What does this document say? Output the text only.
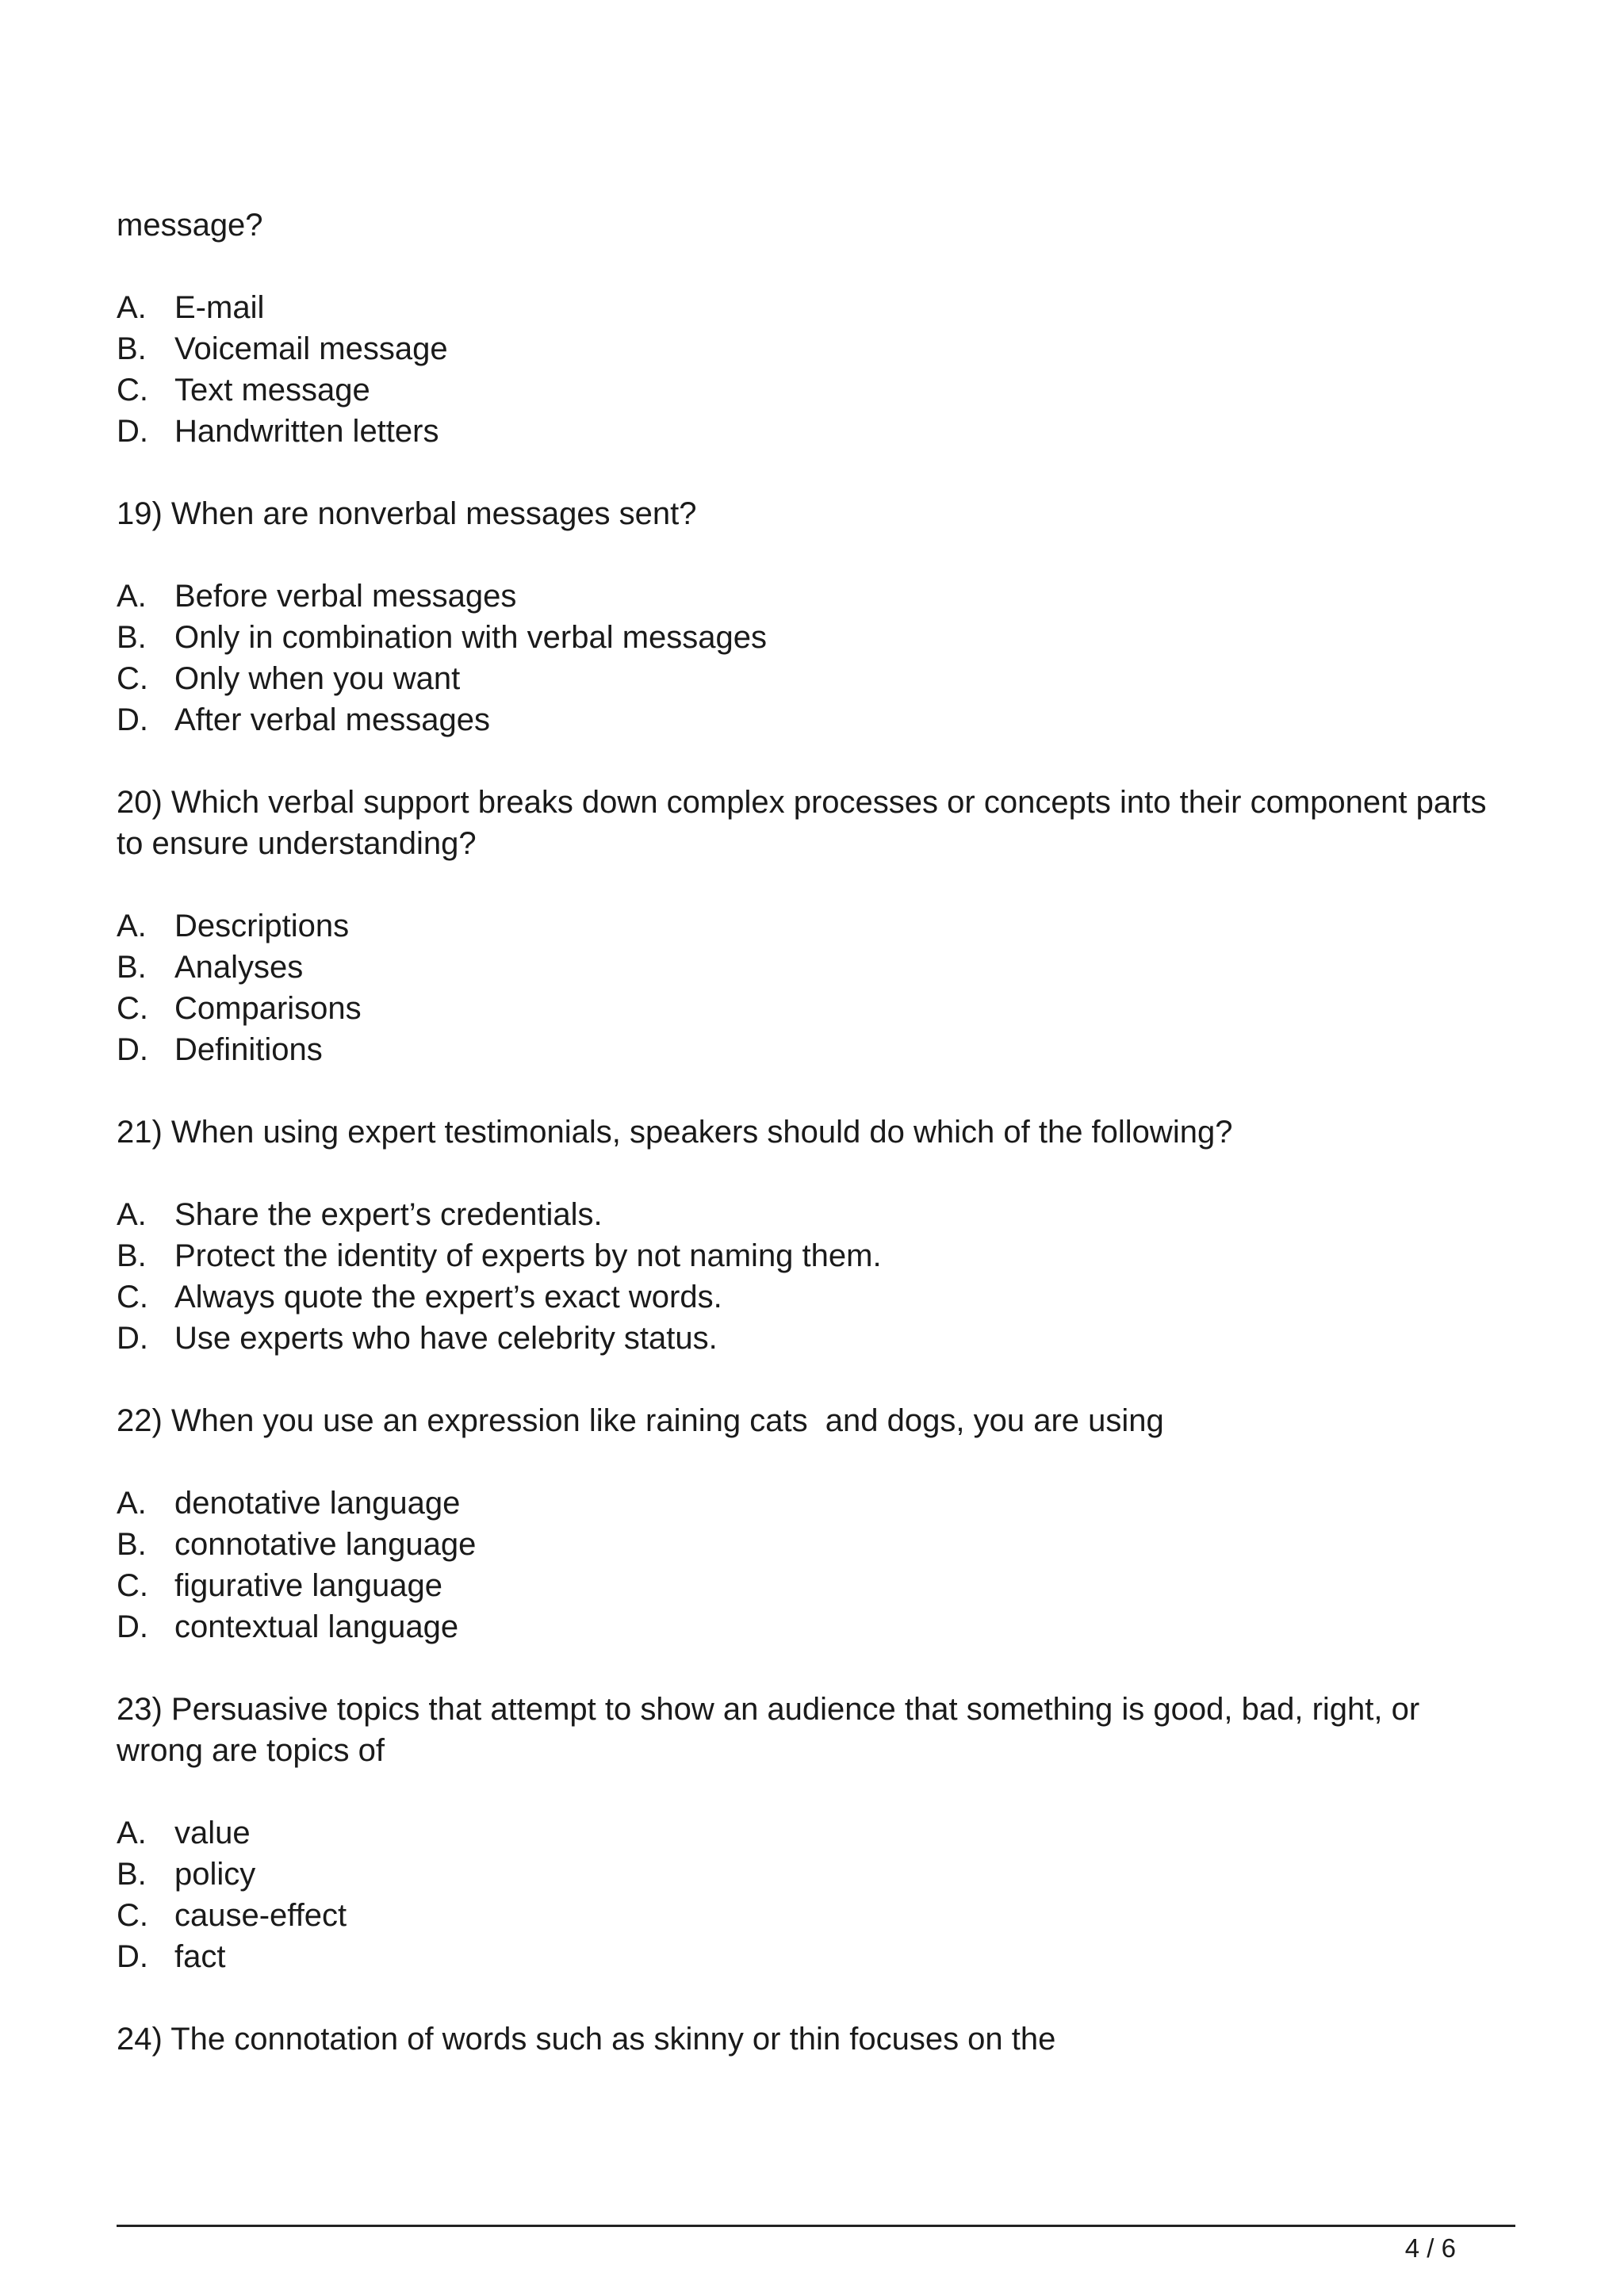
message?
A. E-mail
B. Voicemail message
C. Text message
D. Handwritten letters
19) When are nonverbal messages sent?
A. Before verbal messages
B. Only in combination with verbal messages
C. Only when you want
D. After verbal messages
20) Which verbal support breaks down complex processes or concepts into their component parts to ensure understanding?
A. Descriptions
B. Analyses
C. Comparisons
D. Definitions
21) When using expert testimonials, speakers should do which of the following?
A. Share the expert’s credentials.
B. Protect the identity of experts by not naming them.
C. Always quote the expert’s exact words.
D. Use experts who have celebrity status.
22) When you use an expression like raining cats  and dogs, you are using
A. denotative language
B. connotative language
C. figurative language
D. contextual language
23) Persuasive topics that attempt to show an audience that something is good, bad, right, or wrong are topics of
A. value
B. policy
C. cause-effect
D. fact
24) The connotation of words such as skinny or thin focuses on the
4 / 6
